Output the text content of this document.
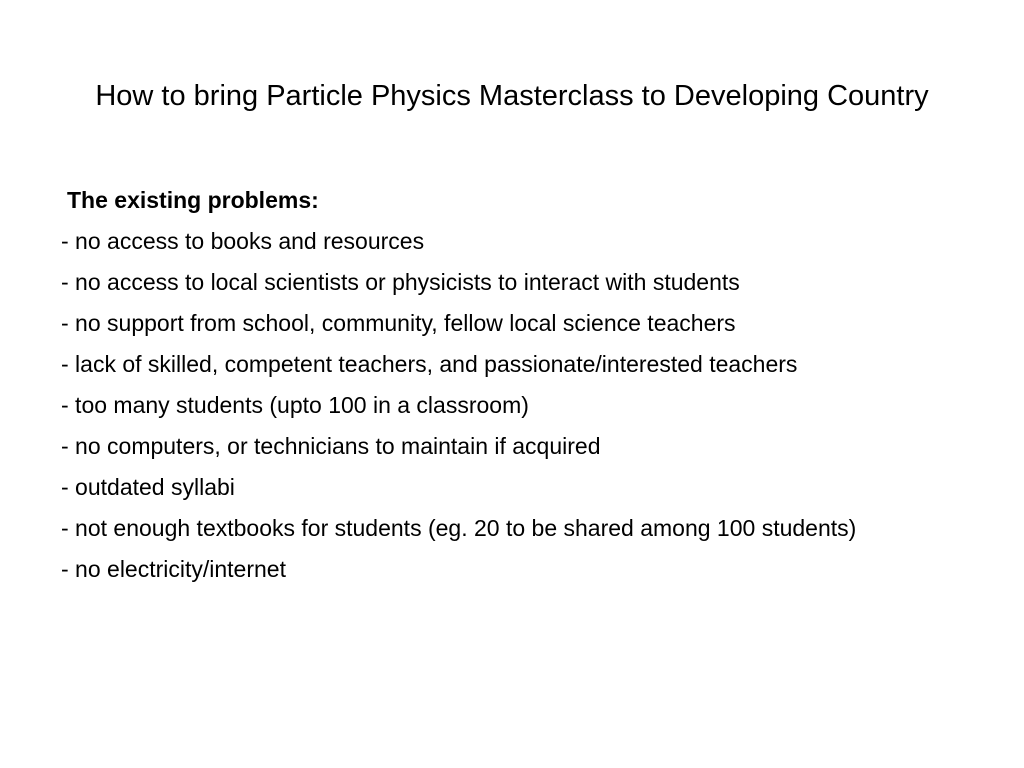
How to bring Particle Physics Masterclass to Developing Country

The existing problems:

- no access to books and resources
- no access to local scientists or physicists to interact with students
- no support from school, community, fellow local science teachers
- lack of skilled, competent teachers, and passionate/interested teachers
- too many students (upto 100 in a classroom)
- no computers, or technicians to maintain if acquired
- outdated syllabi
- not enough textbooks for students (eg. 20 to be shared among 100 students)
- no electricity/internet
